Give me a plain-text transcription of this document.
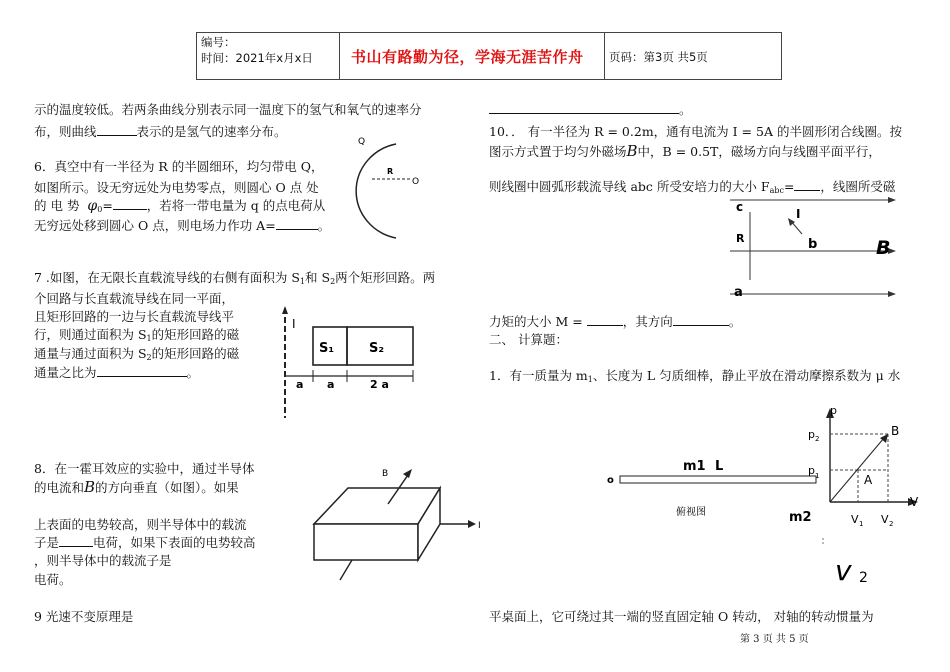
编号：
时间：2021年x月x日	书山有路勤为径，学海无涯苦作舟 页码：第3页 共5页
示的温度较低。若两条曲线分别表示同一温度下的氢气和氧气的速率分
布，则曲线	表示的是氢气的速率分布。
6．真空中有一半径为 R 的半圆细环，均匀带电 Q，
如图所示。设无穷远处为电势零点，则圆心 O 点 处
的 电 势 $\varphi_0=$	，若将一带电量为 q 的点电荷从
无穷远处移到圆心 O 点，则电场力作功 A=	。
Q
R
O
7 .如图，在无限长直载流导线的右侧有面积为 $S_1$和 $S_2$两个矩形回路。两
个回路与长直载流导线在同一平面，
且矩形回路的一边与长直载流导线平
行，则通过面积为 $S_1$的矩形回路的磁
通量与通过面积为 $S_2$的矩形回路的磁
通量之比为	。
I
S₁	S₂
a a	2 a
8．在一霍耳效应的实验中，通过半导体
的电流和B的方向垂直（如图）。如果
上表面的电势较高，则半导体中的载流
子是	电荷，如果下表面的电势较高
，则半导体中的载流子是
电荷。
B
I
9 光速不变原理是
。
10．． 有一半径为 R = 0.2m，通有电流为 I = 5A 的半圆形闭合线圈。按
图示方式置于均匀外磁场B中，B = 0.5T，磁场方向与线圈平面平行，
则线圈中圆弧形载流导线 abc 所受安培力的大小 $F_{abc}=$ ，线圈所受磁
c	I
R	b
a
B
力矩的大小 M =	，其方向	。
二、 计算题：
1．有一质量为 $m_1$、长度为 L 匀质细棒，静止平放在滑动摩擦系数为 μ 水
o
m1 L
俯视图	m2
v 2
p
p 2
p 1
B
A
V
V 1 V 2
平桌面上，它可绕过其一端的竖直固定轴 O 转动， 对轴的转动惯量为
第 3 页 共 5 页
